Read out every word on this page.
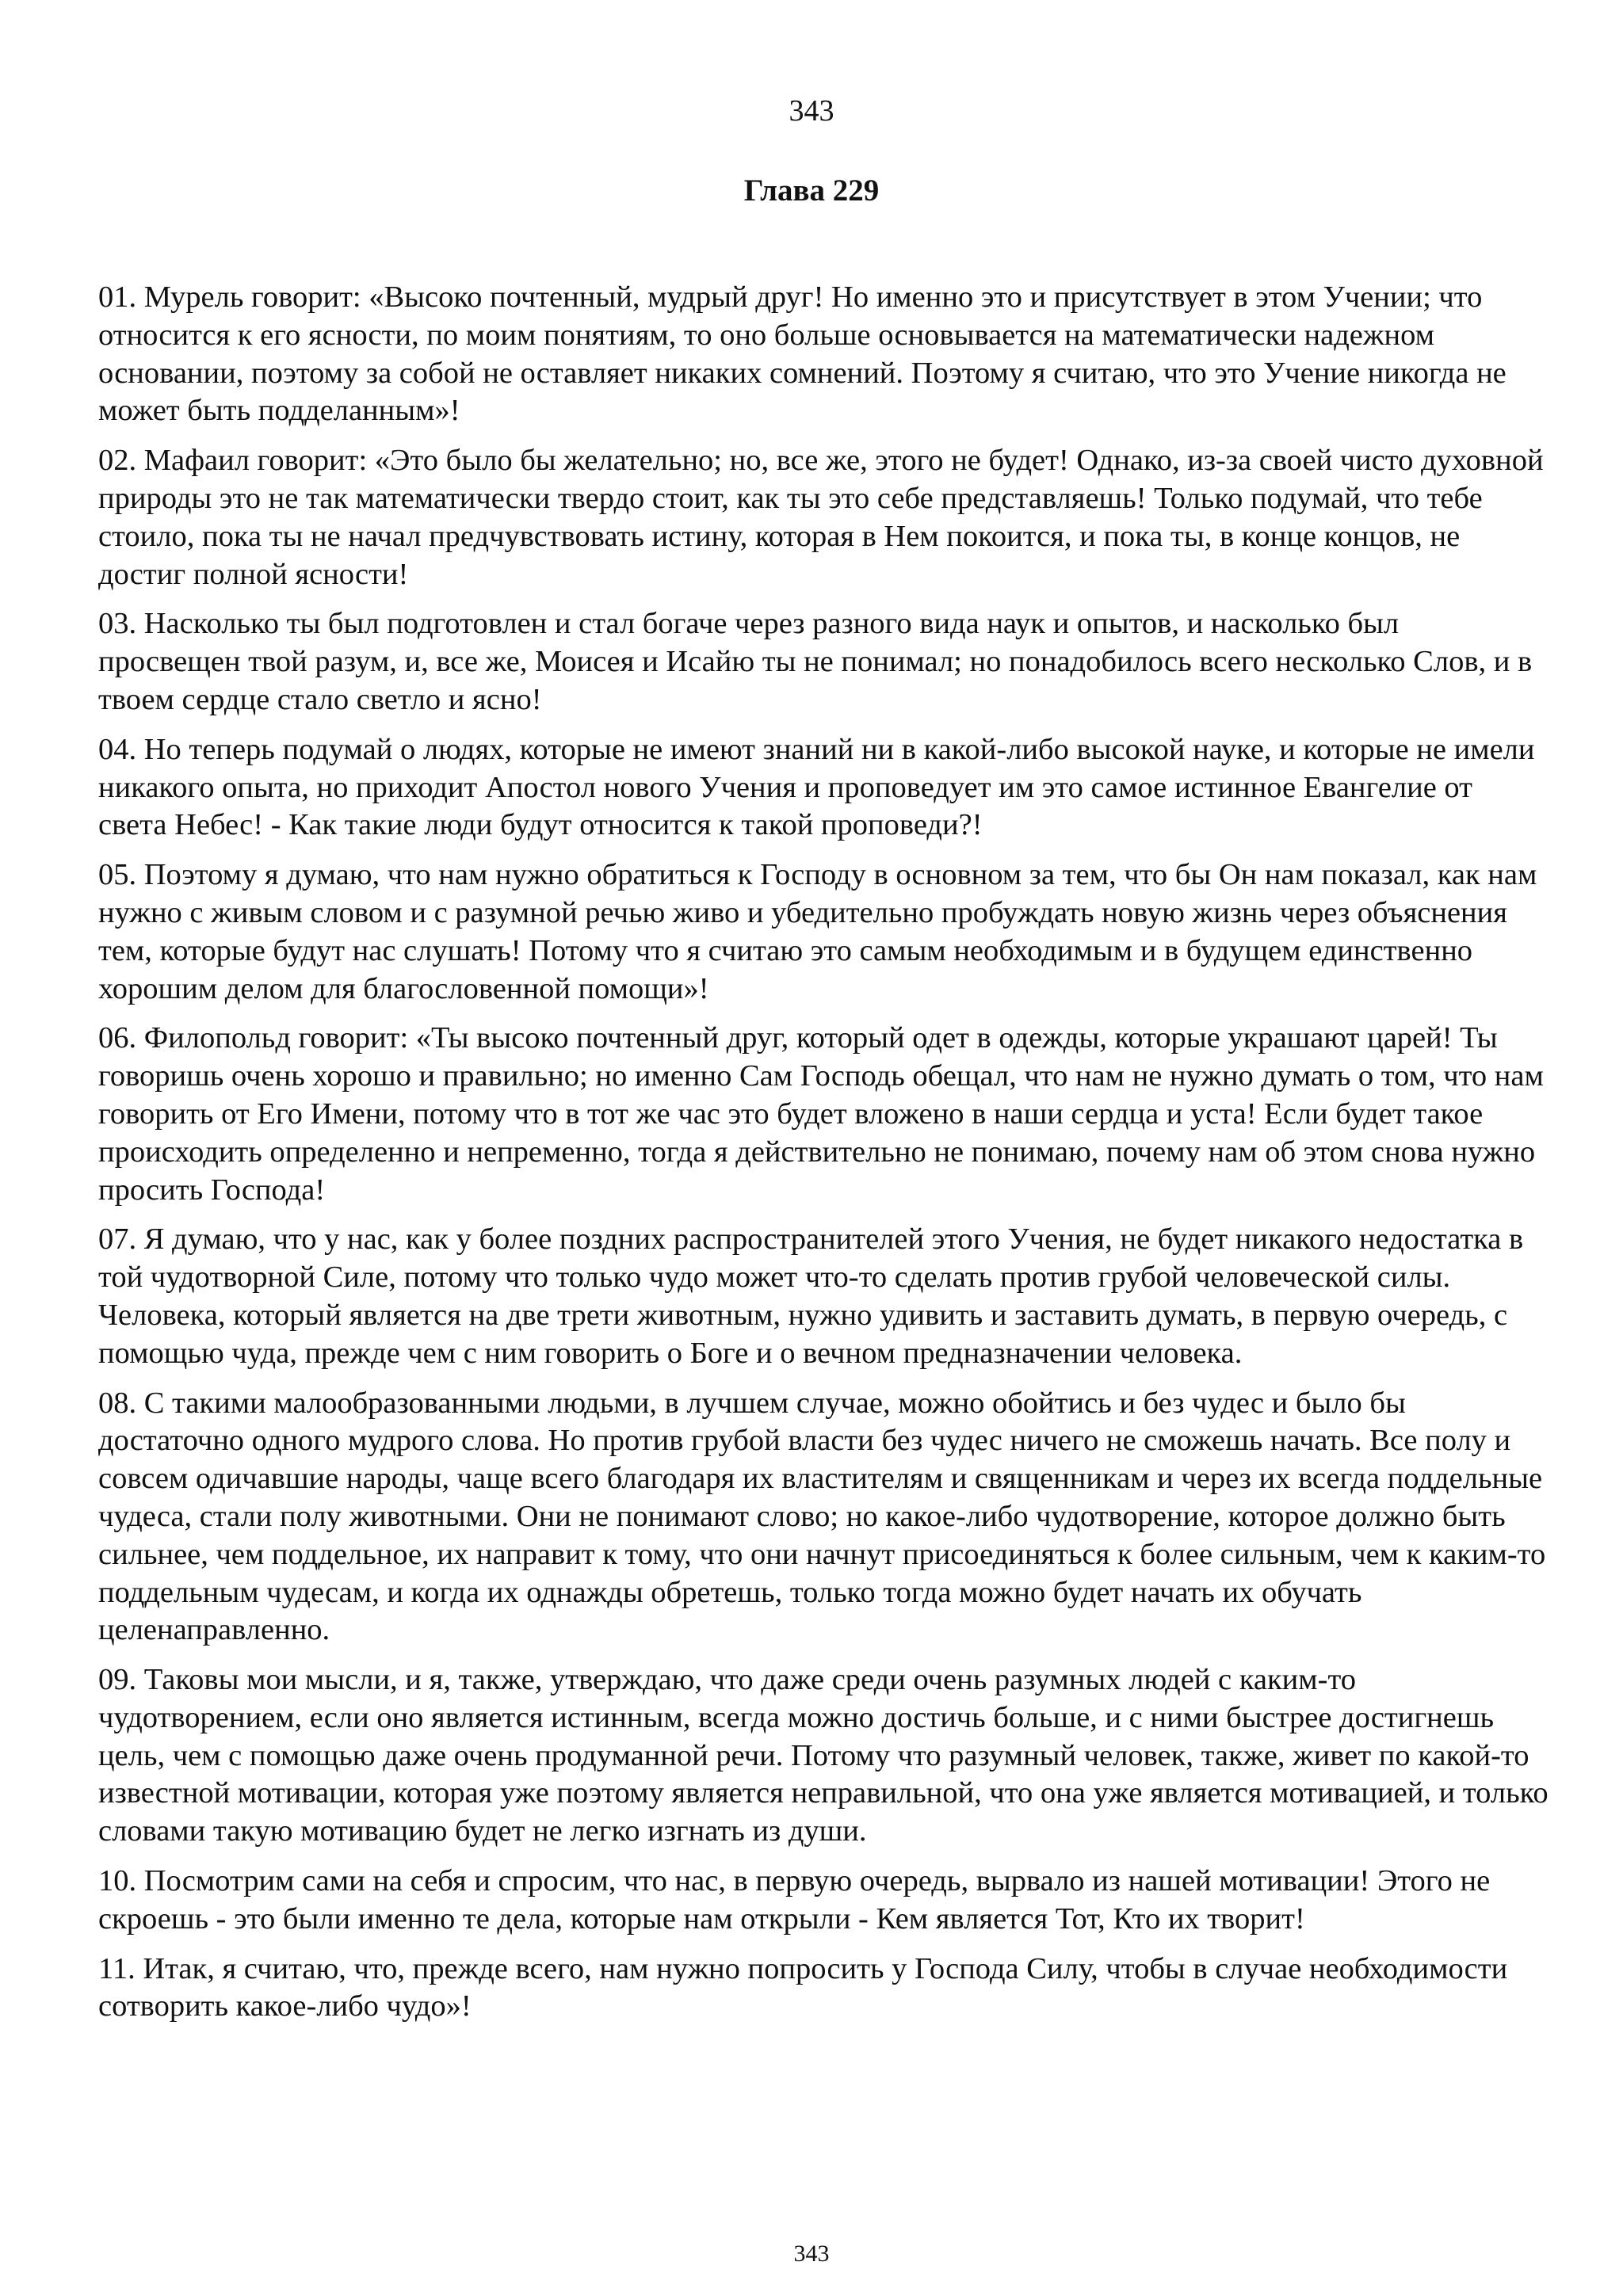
343
Глава 229

01. Мурель говорит: «Высоко почтенный, мудрый друг! Но именно это и присутствует в этом Учении; что относится к его ясности, по моим понятиям, то оно больше основывается на математически надежном основании, поэтому за собой не оставляет никаких сомнений. Поэтому я считаю, что это Учение никогда не может быть подделанным»!

02. Мафаил говорит: «Это было бы желательно; но, все же, этого не будет! Однако, из-за своей чисто духовной природы это не так математически твердо стоит, как ты это себе представляешь! Только подумай, что тебе стоило, пока ты не начал предчувствовать истину, которая в Нем покоится, и пока ты, в конце концов, не достиг полной ясности!

03. Насколько ты был подготовлен и стал богаче через разного вида наук и опытов, и насколько был просвещен твой разум, и, все же, Моисея и Исайю ты не понимал; но понадобилось всего несколько Слов, и в твоем сердце стало светло и ясно!

04. Но теперь подумай о людях, которые не имеют знаний ни в какой-либо высокой науке, и которые не имели никакого опыта, но приходит Апостол нового Учения и проповедует им это самое истинное Евангелие от света Небес! - Как такие люди будут относится к такой проповеди?!

05. Поэтому я думаю, что нам нужно обратиться к Господу в основном за тем, что бы Он нам показал, как нам нужно с живым словом и с разумной речью живо и убедительно пробуждать новую жизнь через объяснения тем, которые будут нас слушать! Потому что я считаю это самым необходимым и в будущем единственно хорошим делом для благословенной помощи»!

06. Филопольд говорит: «Ты высоко почтенный друг, который одет в одежды, которые украшают царей! Ты говоришь очень хорошо и правильно; но именно Сам Господь обещал, что нам не нужно думать о том, что нам говорить от Его Имени, потому что в тот же час это будет вложено в наши сердца и уста! Если будет такое происходить определенно и непременно, тогда я действительно не понимаю, почему нам об этом снова нужно просить Господа!

07. Я думаю, что у нас, как у более поздних распространителей этого Учения, не будет никакого недостатка в той чудотворной Силе, потому что только чудо может что-то сделать против грубой человеческой силы. Человека, который является на две трети животным, нужно удивить и заставить думать, в первую очередь, с помощью чуда, прежде чем с ним говорить о Боге и о вечном предназначении человека.

08. С такими малообразованными людьми, в лучшем случае, можно обойтись и без чудес и было бы достаточно одного мудрого слова. Но против грубой власти без чудес ничего не сможешь начать. Все полу и совсем одичавшие народы, чаще всего благодаря их властителям и священникам и через их всегда поддельные чудеса, стали полу животными. Они не понимают слово; но какое-либо чудотворение, которое должно быть сильнее, чем поддельное, их направит к тому, что они начнут присоединяться к более сильным, чем к каким-то поддельным чудесам, и когда их однажды обретешь, только тогда можно будет начать их обучать целенаправленно.

09. Таковы мои мысли, и я, также, утверждаю, что даже среди очень разумных людей с каким-то чудотворением, если оно является истинным, всегда можно достичь больше, и с ними быстрее достигнешь цель, чем с помощью даже очень продуманной речи. Потому что разумный человек, также, живет по какой-то известной мотивации, которая уже поэтому является неправильной, что она уже является мотивацией, и только словами такую мотивацию будет не легко изгнать из души.

10. Посмотрим сами на себя и спросим, что нас, в первую очередь, вырвало из нашей мотивации! Этого не скроешь - это были именно те дела, которые нам открыли - Кем является Тот, Кто их творит!

11. Итак, я считаю, что, прежде всего, нам нужно попросить у Господа Силу, чтобы в случае необходимости сотворить какое-либо чудо»!

343
